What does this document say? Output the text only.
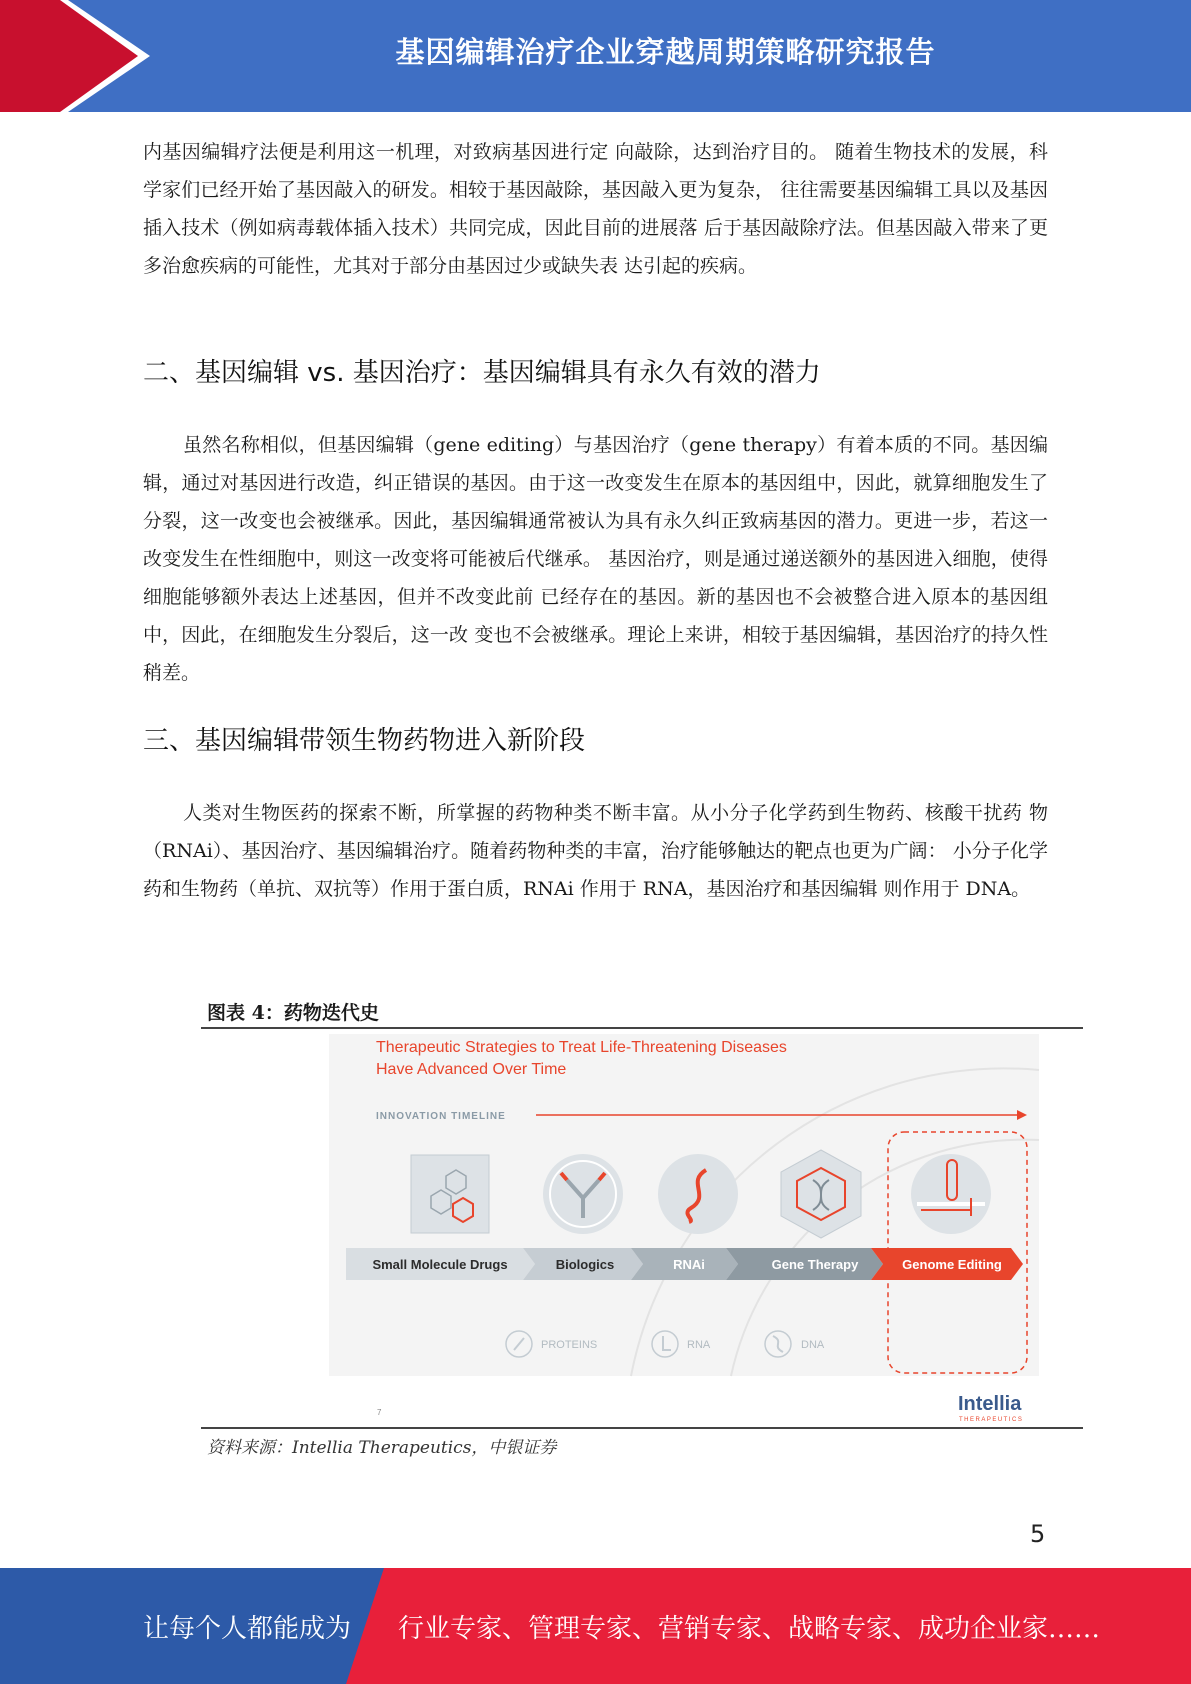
基因编辑治疗企业穿越周期策略研究报告

内基因编辑疗法便是利用这一机理，对致病基因进行定 向敲除，达到治疗目的。 随着生物技术的发展，科学家们已经开始了基因敲入的研发。相较于基因敲除，基因敲入更为复杂， 往往需要基因编辑工具以及基因插入技术（例如病毒载体插入技术）共同完成，因此目前的进展落 后于基因敲除疗法。但基因敲入带来了更多治愈疾病的可能性，尤其对于部分由基因过少或缺失表 达引起的疾病。

二、基因编辑 vs. 基因治疗：基因编辑具有永久有效的潜力

虽然名称相似，但基因编辑（gene editing）与基因治疗（gene therapy）有着本质的不同。基因编辑，通过对基因进行改造，纠正错误的基因。由于这一改变发生在原本的基因组中，因此，就算细胞发生了分裂，这一改变也会被继承。因此，基因编辑通常被认为具有永久纠正致病基因的潜力。更进一步，若这一改变发生在性细胞中，则这一改变将可能被后代继承。 基因治疗，则是通过递送额外的基因进入细胞，使得细胞能够额外表达上述基因，但并不改变此前 已经存在的基因。新的基因也不会被整合进入原本的基因组中，因此，在细胞发生分裂后，这一改 变也不会被继承。理论上来讲，相较于基因编辑，基因治疗的持久性稍差。

三、基因编辑带领生物药物进入新阶段

人类对生物医药的探索不断，所掌握的药物种类不断丰富。从小分子化学药到生物药、核酸干扰药 物（RNAi）、基因治疗、基因编辑治疗。随着药物种类的丰富，治疗能够触达的靶点也更为广阔： 小分子化学药和生物药（单抗、双抗等）作用于蛋白质，RNAi 作用于 RNA，基因治疗和基因编辑 则作用于 DNA。

图表 4：药物迭代史
Therapeutic Strategies to Treat Life-Threatening Diseases
Have Advanced Over Time
INNOVATION TIMELINE
Small Molecule Drugs	Biologics	RNAi	Gene Therapy	Genome Editing
PROTEINS	RNA	DNA
7	Intellia
THERAPEUTICS
资料来源：Intellia Therapeutics，中银证券
5
让每个人都能成为 行业专家、管理专家、营销专家、战略专家、成功企业家……
